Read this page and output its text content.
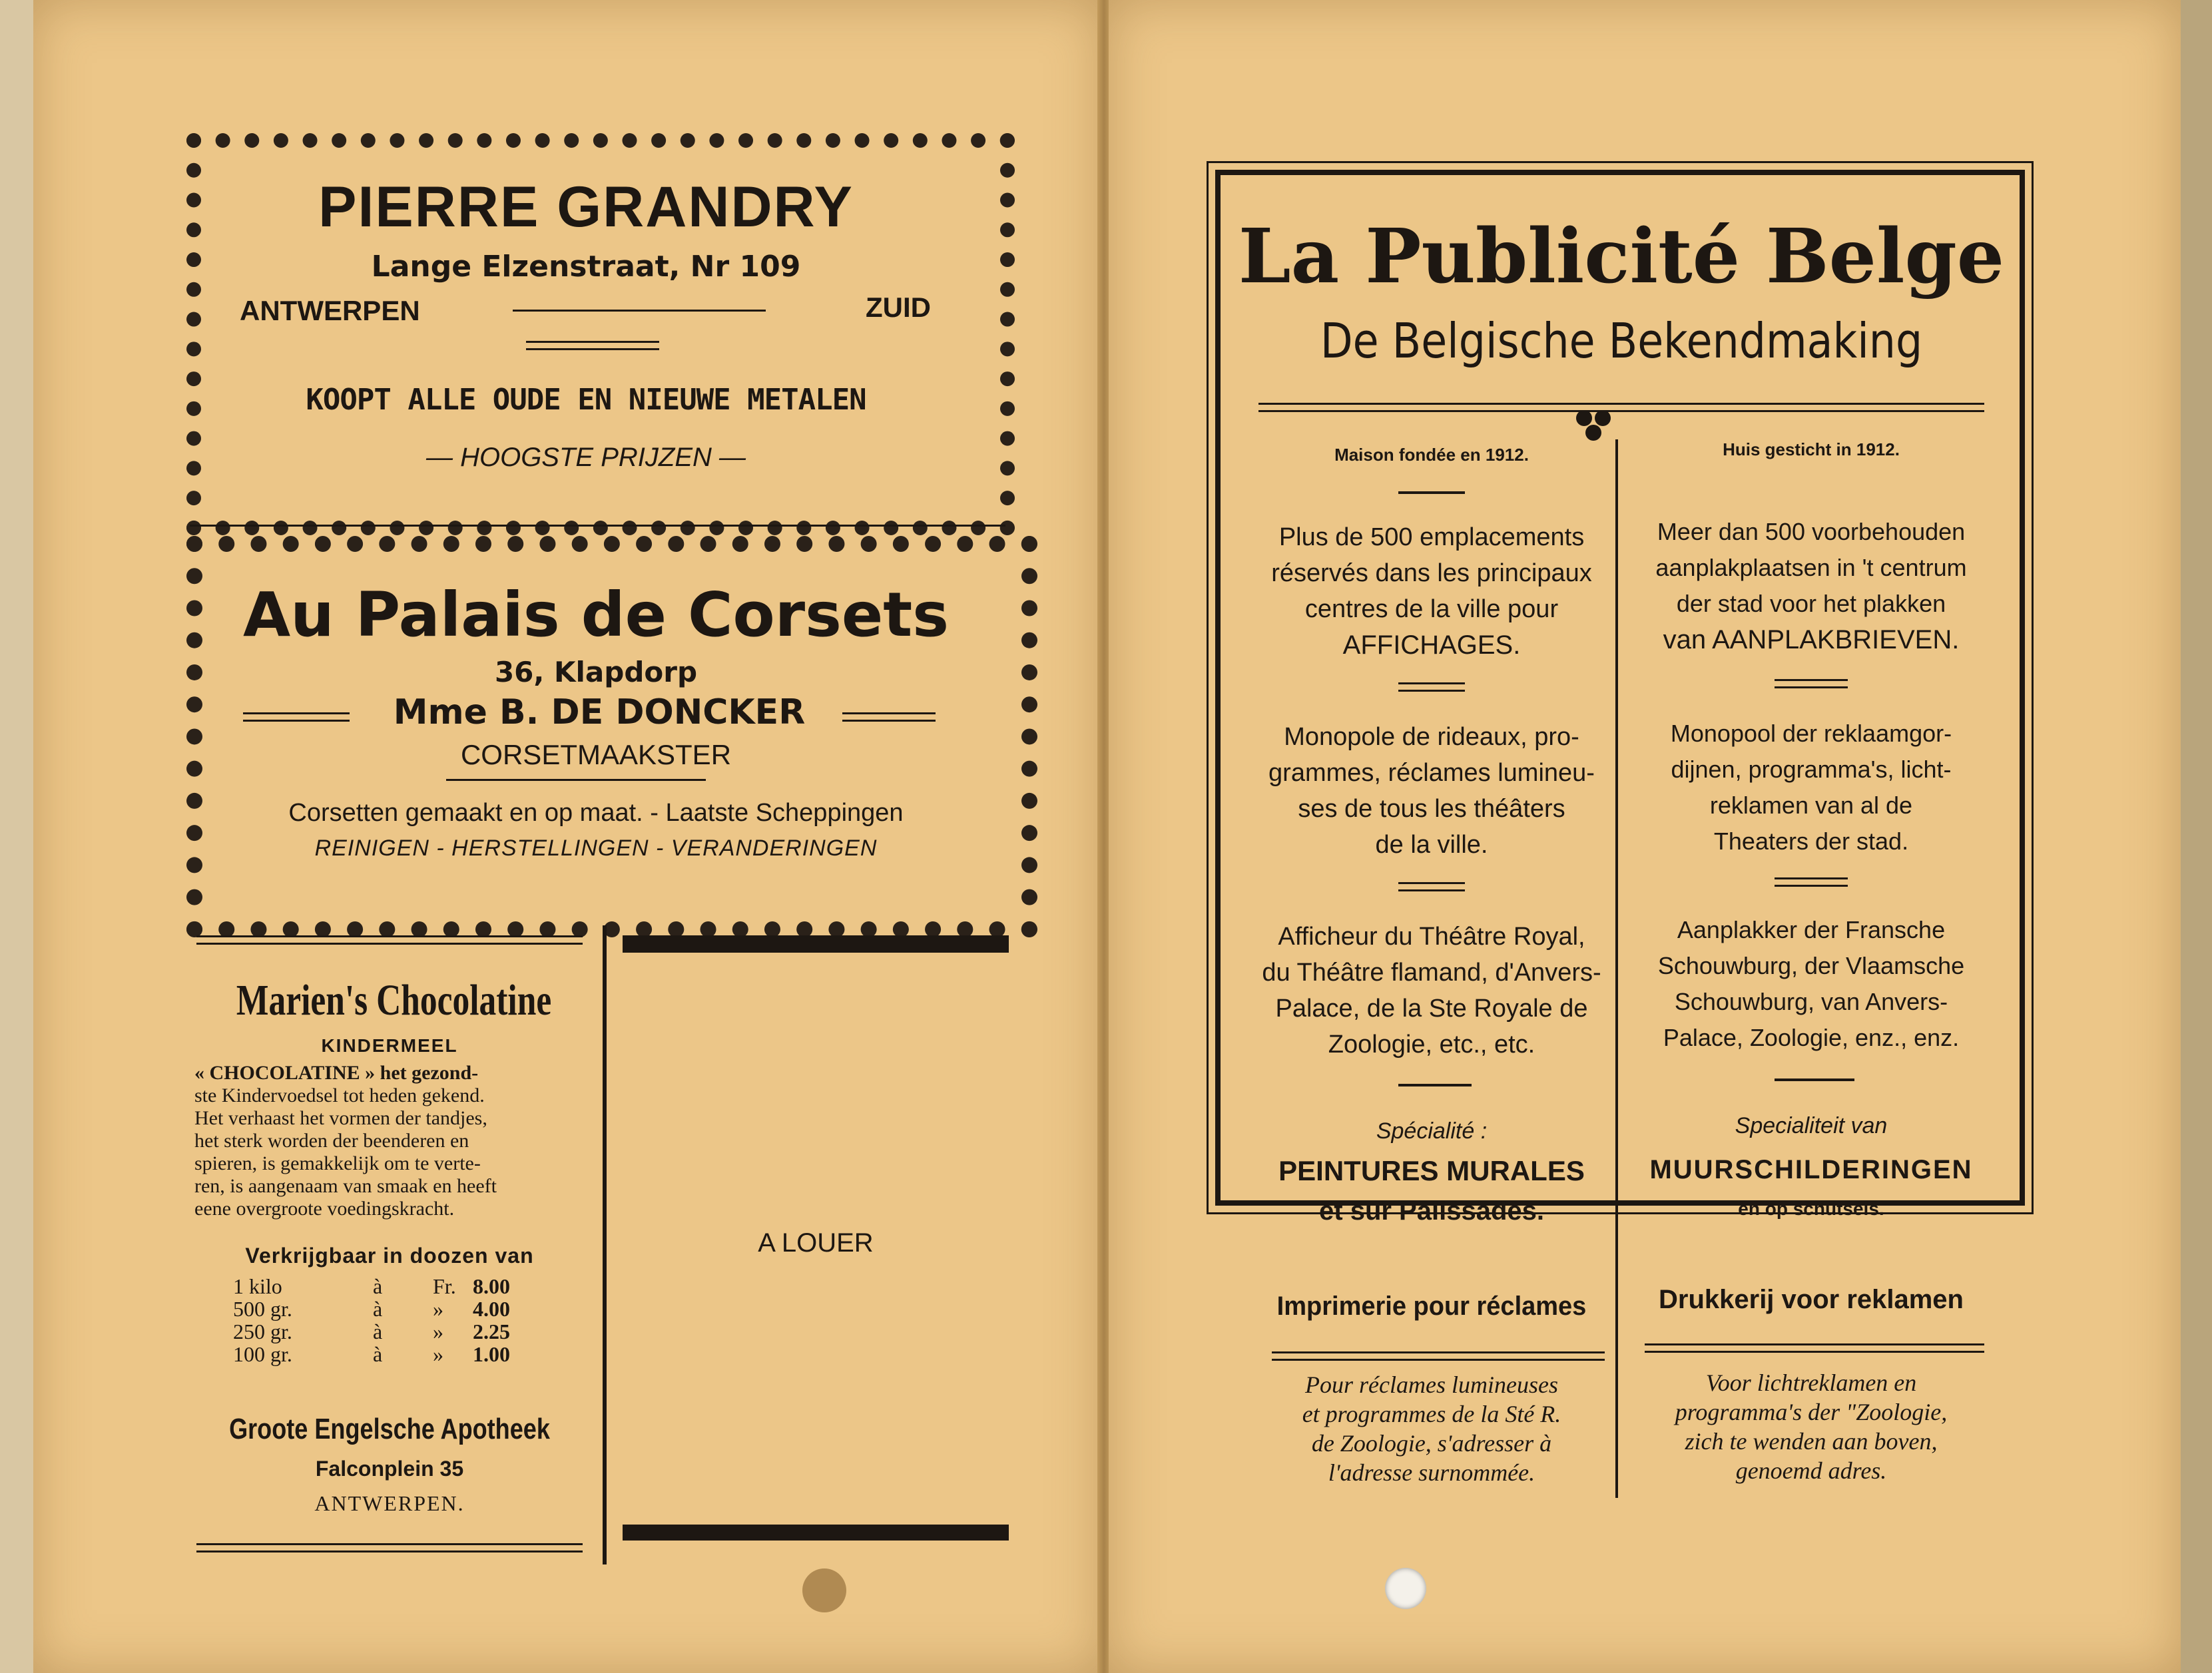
PIERRE GRANDRY
Lange Elzenstraat, Nr 109
ANTWERPEN	ZUID
KOOPT ALLE OUDE EN NIEUWE METALEN
— HOOGSTE PRIJZEN —
Au Palais de Corsets
36, Klapdorp
Mme B. DE DONCKER
CORSETMAAKSTER
Corsetten gemaakt en op maat. - Laatste Scheppingen
REINIGEN - HERSTELLINGEN - VERANDERINGEN
Marien's Chocolatine
KINDERMEEL
« CHOCOLATINE » het gezond-
ste Kindervoedsel tot heden gekend.
Het verhaast het vormen der tandjes,
het sterk worden der beenderen en
spieren, is gemakkelijk om te verte-
ren, is aangenaam van smaak en heeft
eene overgroote voedingskracht.
Verkrijgbaar in doozen van
1 kilo	à	Fr. 8.00
500 gr.	à	»	4.00
250 gr.	à	»	2.25
100 gr.	à	»	1.00
Groote Engelsche Apotheek
Falconplein 35
ANTWERPEN.
A LOUER
La Publicité Belge
De Belgische Bekendmaking
Maison fondée en 1912.
Plus de 500 emplacements
réservés dans les principaux
centres de la ville pour
AFFICHAGES.
Monopole de rideaux, pro-
grammes, réclames lumineu-
ses de tous les théâters
de la ville.
Afficheur du Théâtre Royal,
du Théâtre flamand, d'Anvers-
Palace, de la Ste Royale de
Zoologie, etc., etc.
Spécialité :
PEINTURES MURALES
et sur Palissades.
Imprimerie pour réclames
Pour réclames lumineuses
et programmes de la Sté R.
de Zoologie, s'adresser à
l'adresse surnommée.
Huis gesticht in 1912.
Meer dan 500 voorbehouden
aanplakplaatsen in 't centrum
der stad voor het plakken
van AANPLAKBRIEVEN.
Monopool der reklaamgor-
dijnen, programma's, licht-
reklamen van al de
Theaters der stad.
Aanplakker der Fransche
Schouwburg, der Vlaamsche
Schouwburg, van Anvers-
Palace, Zoologie, enz., enz.
Specialiteit van
MUURSCHILDERINGEN
en op schutsels.
Drukkerij voor reklamen
Voor lichtreklamen en
programma's der "Zoologie,
zich te wenden aan boven,
genoemd adres.
